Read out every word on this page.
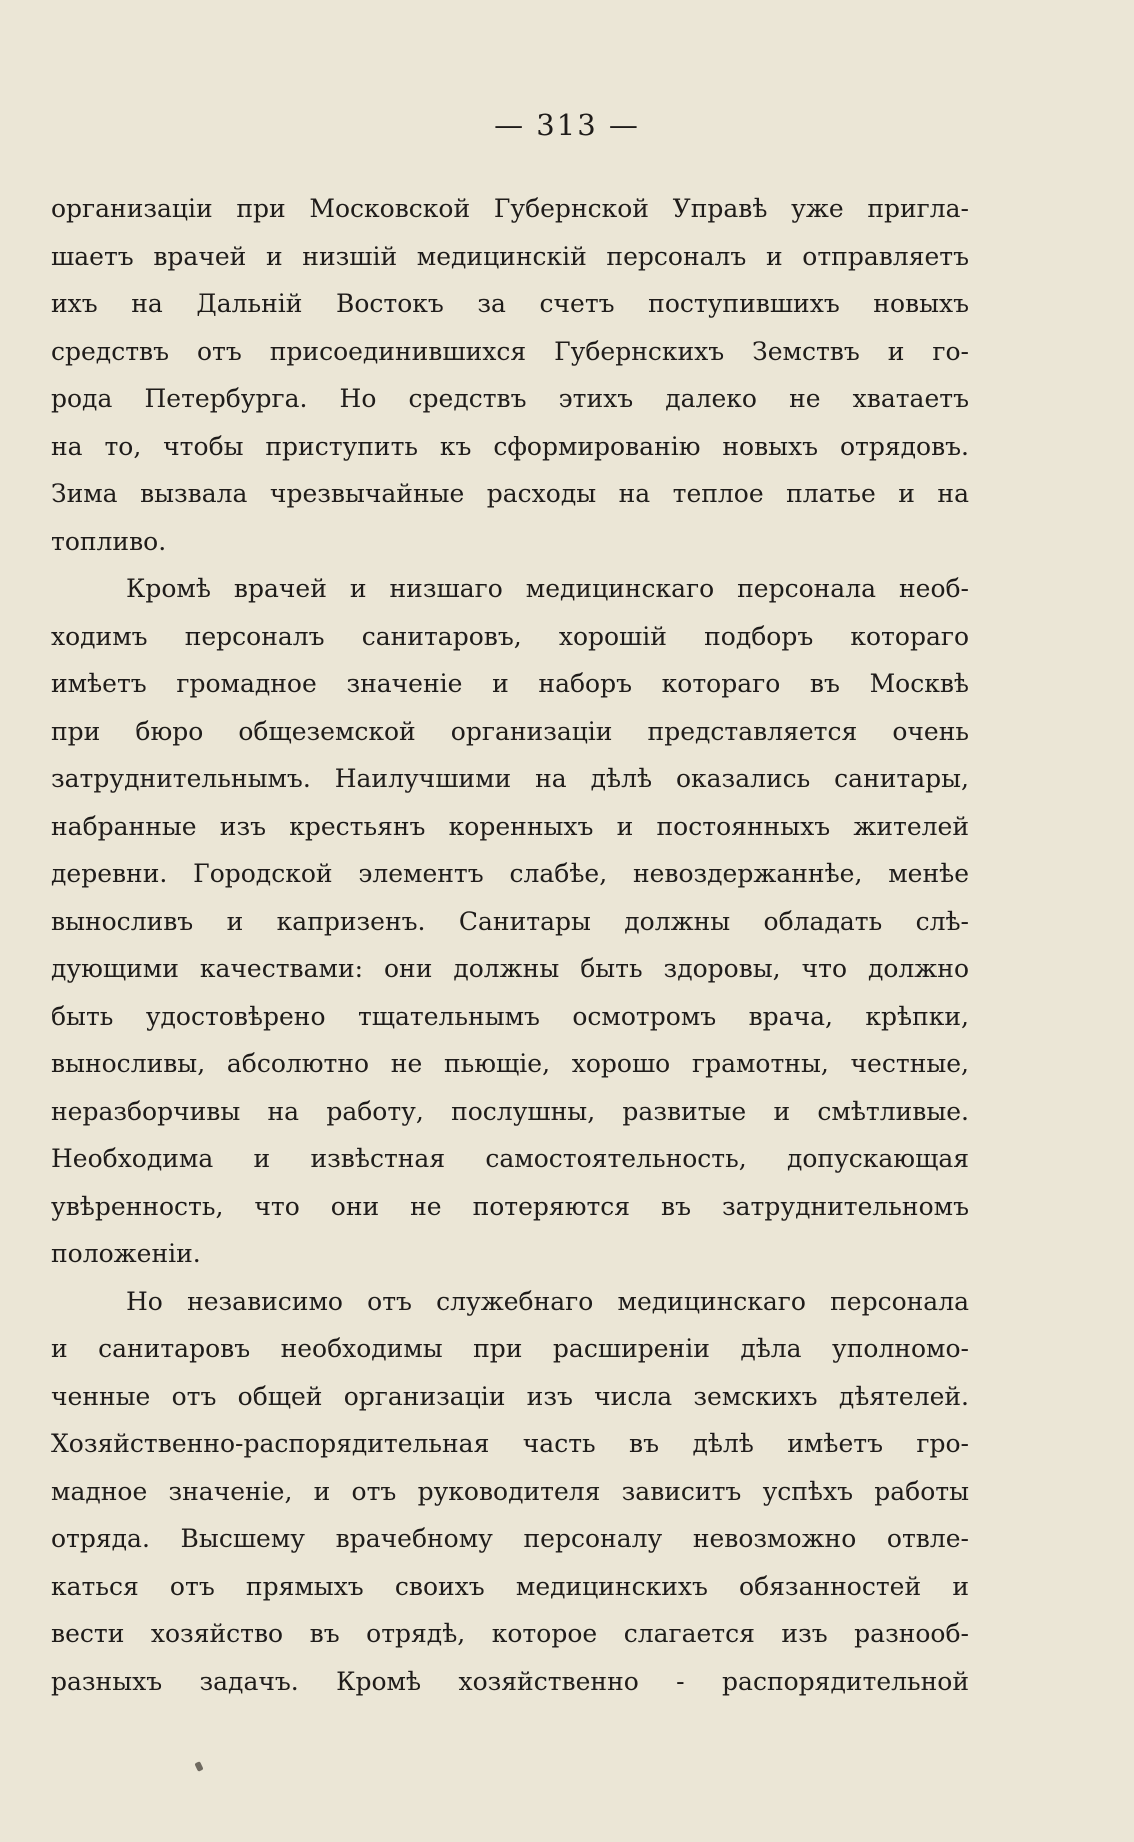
— 313 —
организацiи при Московской Губернской Управѣ уже пригла-
шаетъ врачей и низшiй медицинскiй персоналъ и отправляетъ
ихъ на Дальнiй Востокъ за счетъ поступившихъ новыхъ
средствъ отъ присоединившихся Губернскихъ Земствъ и го-
рода Петербурга. Но средствъ этихъ далеко не хватаетъ
на то, чтобы приступить къ сформированiю новыхъ отрядовъ.
Зима вызвала чрезвычайные расходы на теплое платье и на
топливо.
Кромѣ врачей и низшаго медицинскаго персонала необ-
ходимъ персоналъ санитаровъ, хорошiй подборъ котораго
имѣетъ громадное значенiе и наборъ котораго въ Москвѣ
при бюро общеземской организацiи представляется очень
затруднительнымъ. Наилучшими на дѣлѣ оказались санитары,
набранные изъ крестьянъ коренныхъ и постоянныхъ жителей
деревни. Городской элементъ слабѣе, невоздержаннѣе, менѣе
выносливъ и капризенъ. Санитары должны обладать слѣ-
дующими качествами: они должны быть здоровы, что должно
быть удостовѣрено тщательнымъ осмотромъ врача, крѣпки,
выносливы, абсолютно не пьющiе, хорошо грамотны, честные,
неразборчивы на работу, послушны, развитые и смѣтливые.
Необходима и извѣстная самостоятельность, допускающая
увѣренность, что они не потеряются въ затруднительномъ
положенiи.
Но независимо отъ служебнаго медицинскаго персонала
и санитаровъ необходимы при расширенiи дѣла уполномо-
ченные отъ общей организацiи изъ числа земскихъ дѣятелей.
Хозяйственно-распорядительная часть въ дѣлѣ имѣетъ гро-
мадное значенiе, и отъ руководителя зависитъ успѣхъ работы
отряда. Высшему врачебному персоналу невозможно отвле-
каться отъ прямыхъ своихъ медицинскихъ обязанностей и
вести хозяйство въ отрядѣ, которое слагается изъ разнооб-
разныхъ задачъ. Кромѣ хозяйственно - распорядительной
